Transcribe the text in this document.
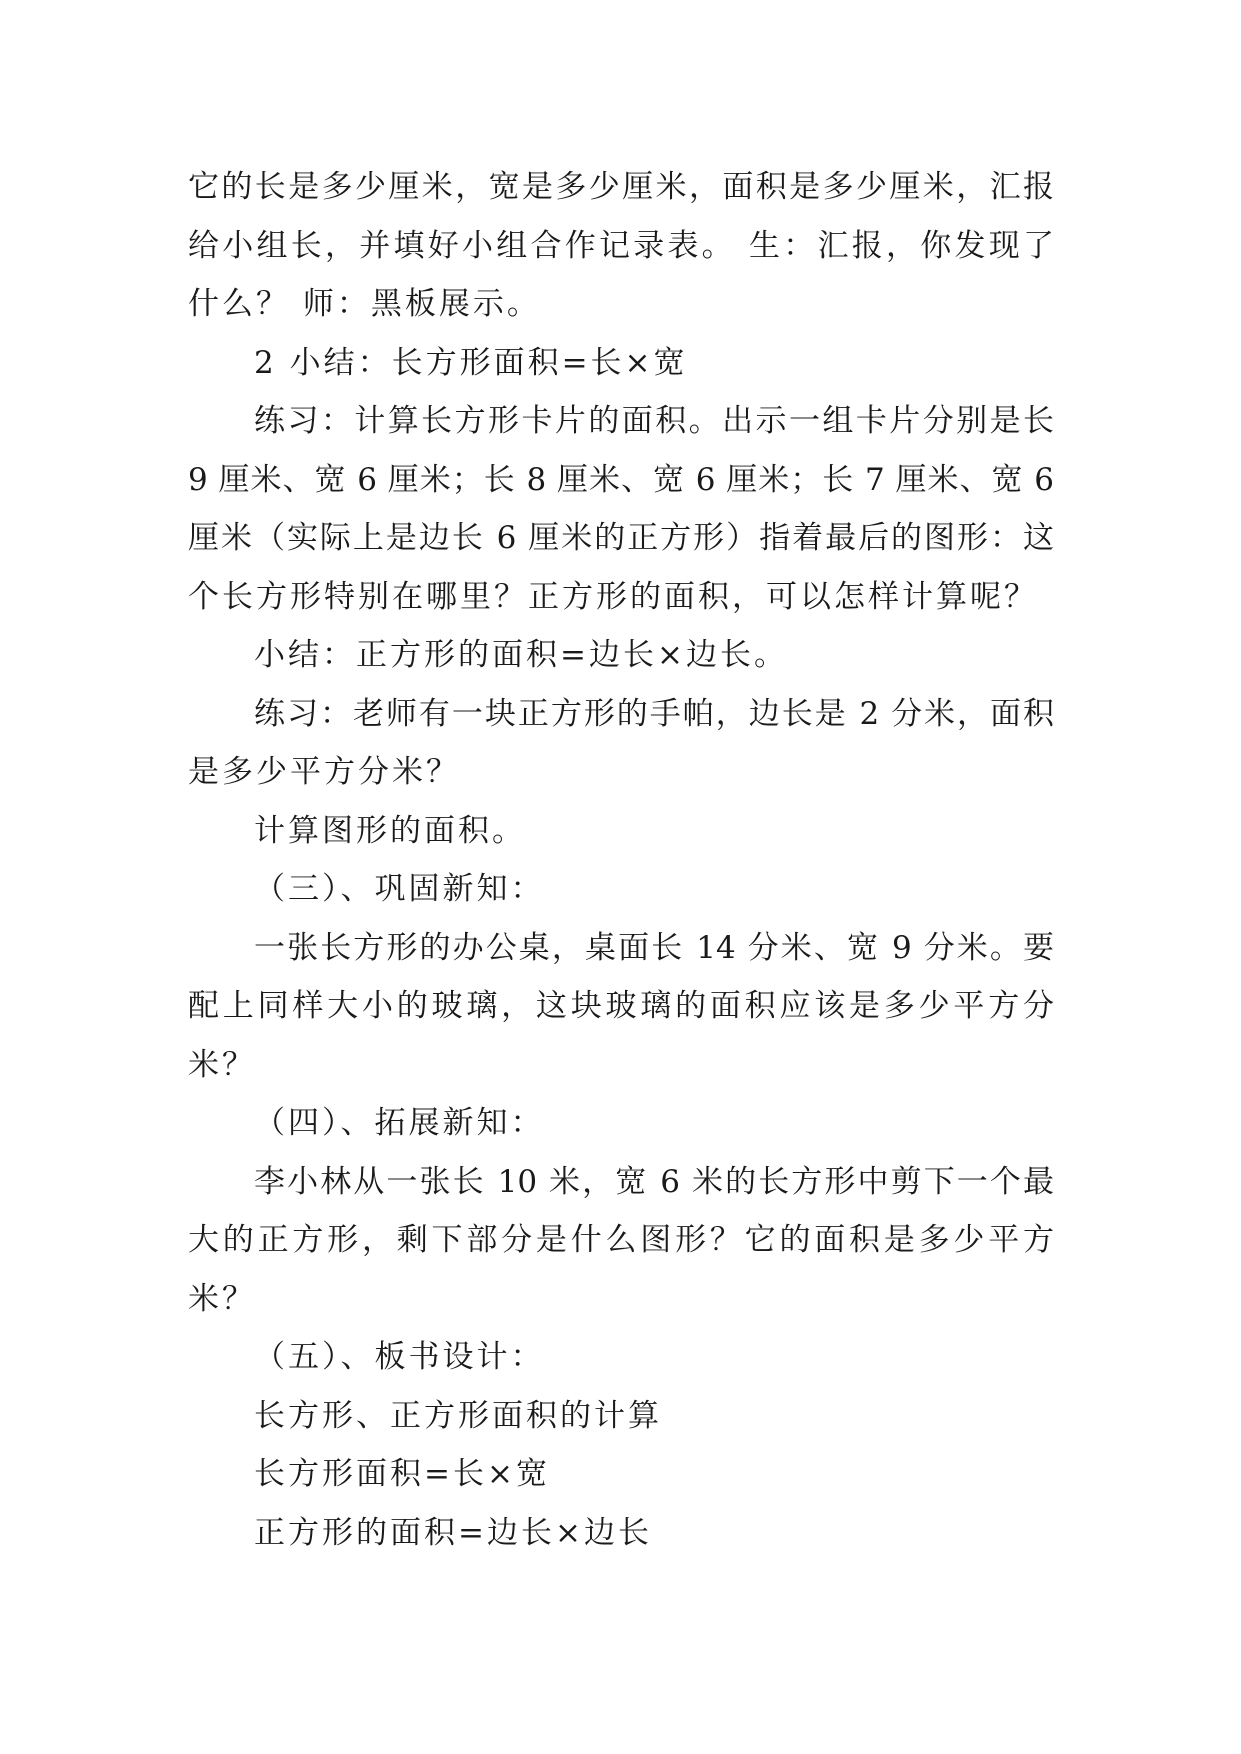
它的长是多少厘米，宽是多少厘米，面积是多少厘米，汇报
给小组长，并填好小组合作记录表。 生：汇报，你发现了
什么？ 师：黑板展示。
2 小结：长方形面积=长×宽
练习：计算长方形卡片的面积。出示一组卡片分别是长
9 厘米、宽 6 厘米；长 8 厘米、宽 6 厘米；长 7 厘米、宽 6
厘米（实际上是边长 6 厘米的正方形）指着最后的图形：这
个长方形特别在哪里？正方形的面积，可以怎样计算呢？
小结：正方形的面积=边长×边长。
练习：老师有一块正方形的手帕，边长是 2 分米，面积
是多少平方分米？
计算图形的面积。
（三）、巩固新知：
一张长方形的办公桌，桌面长 14 分米、宽 9 分米。要
配上同样大小的玻璃，这块玻璃的面积应该是多少平方分
米？
（四）、拓展新知：
李小林从一张长 10 米，宽 6 米的长方形中剪下一个最
大的正方形，剩下部分是什么图形？它的面积是多少平方
米？
（五）、板书设计：
长方形、正方形面积的计算
长方形面积=长×宽
正方形的面积=边长×边长
